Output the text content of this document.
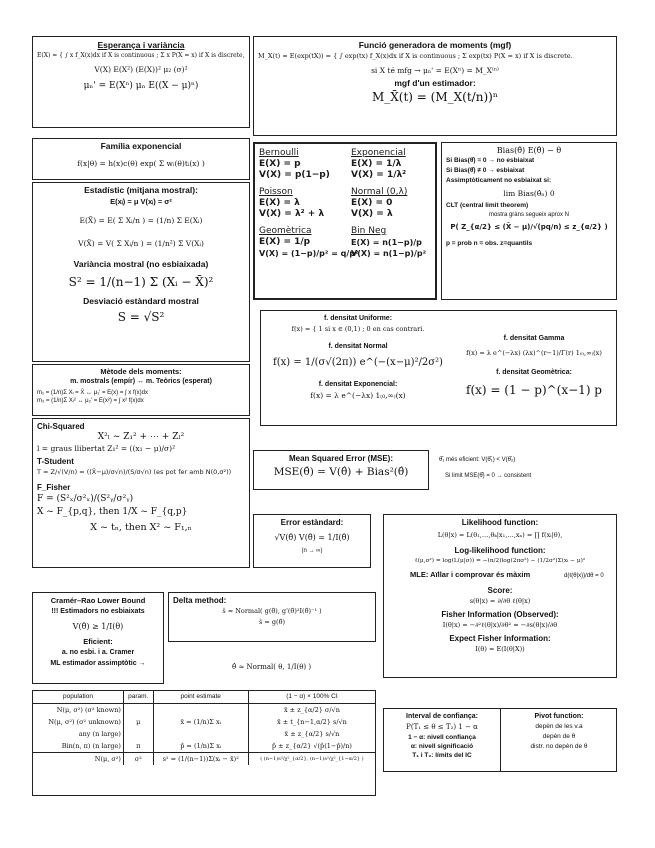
Esperança i variància
E(X) = { ∫ x f_X(x)dx if X is continuous ; Σ x P(X = x) if X is discrete,
V(X) E(X²) (E(X))² μ₂ (σ)²
μₙ' = E(Xⁿ) μₙ E((X − μ)ⁿ)
Funció generadora de moments (mgf)
M_X(t) = E(exp(tX)) = { ∫ exp(tx) f_X(x)dx if X is continuous ; Σ exp(tx) P(X = x) if X is discrete.
si X té mfg → μₙ' = E(Xⁿ) = M_X⁽ⁿ⁾
mgf d'un estimador:
M_X̄(t) = (M_X(t/n))ⁿ
Família exponencial
f(x|θ) = h(x)c(θ) exp( Σ wᵢ(θ)tᵢ(x) )
Estadístic (mitjana mostral):
E(xᵢ) = μ V(xᵢ) = σ²
E(X̄) = E( Σ Xᵢ/n ) = (1/n) Σ E(Xᵢ)
V(X̄) = V( Σ Xᵢ/n ) = (1/n²) Σ V(Xᵢ)
Variància mostral (no esbiaixada)
S² = 1/(n−1) Σ (Xᵢ − X̄)²
Desviació estàndard mostral
S = √S²
Bernoulli
E(X) = p
V(X) = p(1−p)
Poisson
E(X) = λ
V(X) = λ² + λ
Geomètrica
E(X) = 1/p
V(X) = (1−p)/p² = q/p²
Exponencial
E(X) = 1/λ
V(X) = 1/λ²
Normal (0,λ)
E(X) = 0
V(X) = λ
Bin Neg
E(X) = n(1−p)/p
V(X) = n(1−p)/p²
Bias(θ̂) E(θ̂) − θ
Si Bias(θ̂) = 0 → no esbiaixat
Si Bias(θ̂) ≠ 0 → esbiaixat
Assimptòticament no esbiaixat si:
lim Bias(θ̂ₙ) 0
CLT (central limit theorem)
mostra gràns segueix aprox N
P( Z_{α/2} ≤ (X̄ − μ)/√(pq/n) ≤ z_{α/2} )
p = prob n = obs. z=quantils
Mètode dels moments:
m. mostrals (empír) ↔ m. Teòrics (esperat)
m₁ = (1/n)Σ Xᵢ = X̄ ↔ μ₁' = E(x) = ∫ x f(x)dx
m₂ = (1/n)Σ Xᵢ² ↔ μ₂' = E(x²) = ∫ x² f(x)dx
f. densitat Uniforme:
f(x) = { 1 si x ∈ (0,1) ; 0 en cas contrari.
f. densitat Normal
f(x) = 1/(σ√(2π)) e^(−(x−μ)²/2σ²)
f. densitat Exponencial:
f(x) = λ e^(−λx) 1₍₀,∞₎(x)
f. densitat Gamma
f(x) = λ e^(−λx) (λx)^(r−1)/Γ(r) 1₍₀,∞₎(x)
f. densitat Geomètrica:
f(x) = (1 − p)^(x−1) p
Chi-Squared
X²ₗ ~ Z₁² + ⋯ + Zₗ²
l = graus llibertat Z₁² = ((x₁ − μ)/σ)²
T-Student
T = Z/√(V/n) = ((X̄−μ)/σ√n)/(S/σ√n) (es pot fer amb N(0,σ²))
F_Fisher
F = (S²ₓ/σ²ₓ)/(S²ᵧ/σ²ᵧ)
X ~ F_{p,q}, then 1/X ~ F_{q,p}
X ~ tₙ, then X² ~ F₁,ₙ
Mean Squared Error (MSE):
MSE(θ̂) = V(θ̂) + Bias²(θ̂)
θ̂₁ més eficient: V(θ̂₁) < V(θ̂₂)
Si limit MSE(θ̂) = 0 → consistent
Error estàndard:
√V(θ̂) V(θ̂) = 1/I(θ̂)
(n → ∞)
Likelihood function:
L(θ|x) = L(θ₁,…,θₖ|x₁,…,xₙ) = ∏ f(xᵢ|θ),
Log-likelihood function:
ℓ(μ,σ²) = log(L(μ|σ)) = −(n/2)log(2πσ²) − (1/2σ²)Σ(xᵢ − μ)²
MLE: Aïllar i comprovar és màxim	d(ℓ(θ|x))/dθ = 0
Score:
s(θ|x) = ∂/∂θ ℓ(θ|x)
Fisher Information (Observed):
I(θ|x) = −∂²ℓ(θ|x)/∂θ² = −∂s(θ|x)/∂θ
Expect Fisher Information:
I(θ) = E(I(θ|X))
Cramér–Rao Lower Bound
!!! Estimadors no esbiaixats
V(θ̂) ≥ 1/I(θ)
Eficient:
a. no esbi. i a. Cramer
ML estimador assimptòtic →
Delta method:
ŝ ≈ Normal( g(θ̂), g'(θ̂)²I(θ̂)⁻¹ )
ŝ = g(θ̂)
θ̂ ≈ Normal( θ, 1/I(θ) )
population	param.	point estimate	(1 − α) × 100% CI
N(μ, σ²) (σ² known)			x̄ ± z_{α/2} σ/√n
N(μ, σ²) (σ² unknown)	μ	x̄ = (1/n)Σ xᵢ	x̄ ± t_{n−1,α/2} s/√n
any (n large)			x̄ ± z_{α/2} s/√n
Bin(n, π) (n large)	π	p̂ = (1/n)Σ xᵢ	p̂ ± z_{α/2} √(p̂(1−p̂)/n)
N(μ, σ²)	σ²	s² = (1/(n−1))Σ(xᵢ − x̄)²	( (n−1)s²/χ²_{α/2}, (n−1)s²/χ²_{1−α/2} )
Interval de confiança:
P(T₁ ≤ θ ≤ T₂) 1 − α
1 − α: nivell confiança
α: nivell significació
T₁ i T₂: límits del IC
Pivot function:
depèn de les v.a
depèn de θ
distr. no depèn de θ
